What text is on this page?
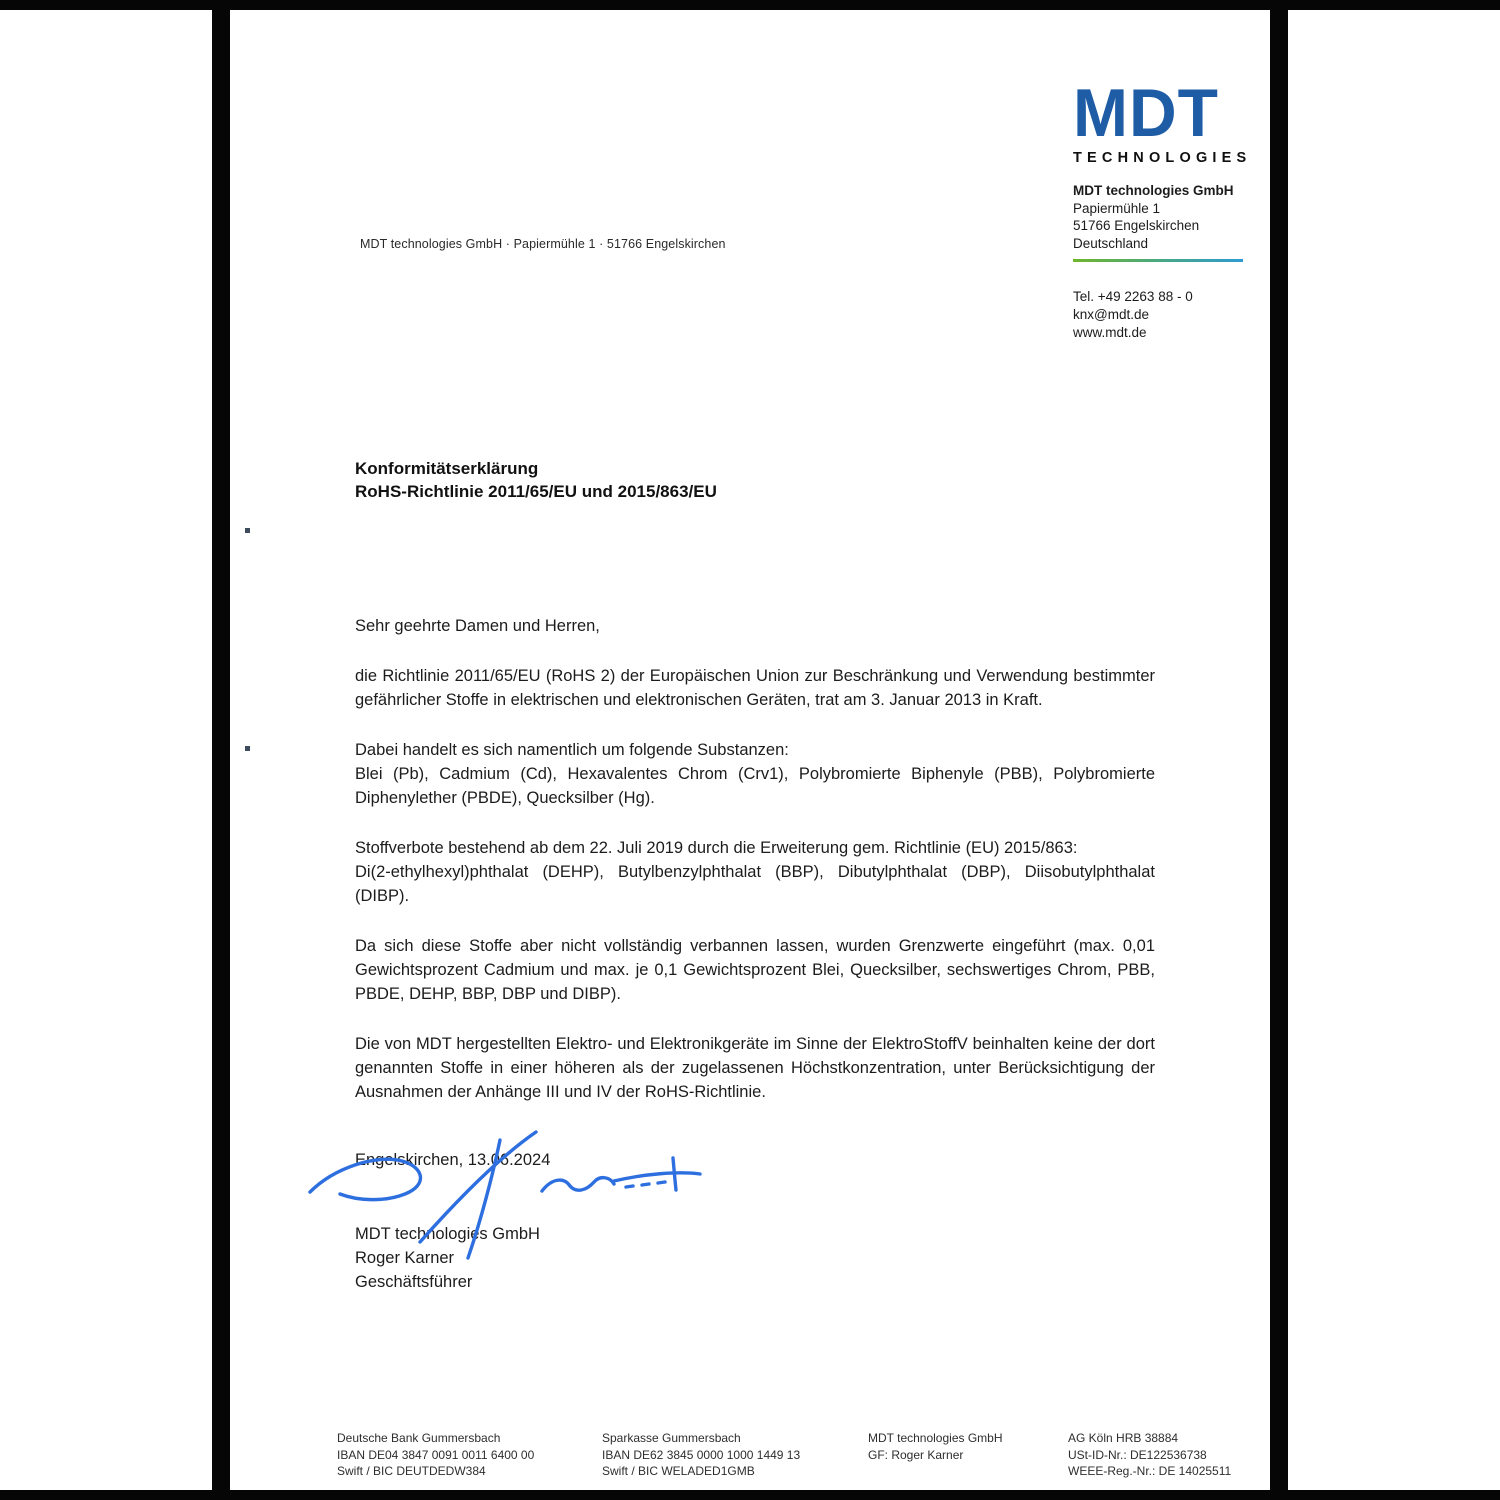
MDT technologies GmbH · Papiermühle 1 · 51766 Engelskirchen
MDT
TECHNOLOGIES
MDT technologies GmbH
Papiermühle 1
51766 Engelskirchen
Deutschland
Tel. +49 2263 88 - 0
knx@mdt.de
www.mdt.de
Konformitätserklärung
RoHS-Richtlinie 2011/65/EU und 2015/863/EU
Sehr geehrte Damen und Herren,
die Richtlinie 2011/65/EU (RoHS 2) der Europäischen Union zur Beschränkung und Verwendung bestimmter gefährlicher Stoffe in elektrischen und elektronischen Geräten, trat am 3. Januar 2013 in Kraft.
Dabei handelt es sich namentlich um folgende Substanzen:
Blei (Pb), Cadmium (Cd), Hexavalentes Chrom (Crv1), Polybromierte Biphenyle (PBB), Polybromierte Diphenylether (PBDE), Quecksilber (Hg).
Stoffverbote bestehend ab dem 22. Juli 2019 durch die Erweiterung gem. Richtlinie (EU) 2015/863:
Di(2-ethylhexyl)phthalat (DEHP), Butylbenzylphthalat (BBP), Dibutylphthalat (DBP), Diisobutylphthalat (DIBP).
Da sich diese Stoffe aber nicht vollständig verbannen lassen, wurden Grenzwerte eingeführt (max. 0,01 Gewichtsprozent Cadmium und max. je 0,1 Gewichtsprozent Blei, Quecksilber, sechswertiges Chrom, PBB, PBDE, DEHP, BBP, DBP und DIBP).
Die von MDT hergestellten Elektro- und Elektronikgeräte im Sinne der ElektroStoffV beinhalten keine der dort genannten Stoffe in einer höheren als der zugelassenen Höchstkonzentration, unter Berücksichtigung der Ausnahmen der Anhänge III und IV der RoHS-Richtlinie.
Engelskirchen, 13.06.2024
MDT technologies GmbH
Roger Karner
Geschäftsführer
Deutsche Bank Gummersbach
IBAN DE04 3847 0091 0011 6400 00
Swift / BIC DEUTDEDW384
Sparkasse Gummersbach
IBAN DE62 3845 0000 1000 1449 13
Swift / BIC WELADED1GMB
MDT technologies GmbH
GF: Roger Karner
AG Köln HRB 38884
USt-ID-Nr.: DE122536738
WEEE-Reg.-Nr.: DE 14025511
